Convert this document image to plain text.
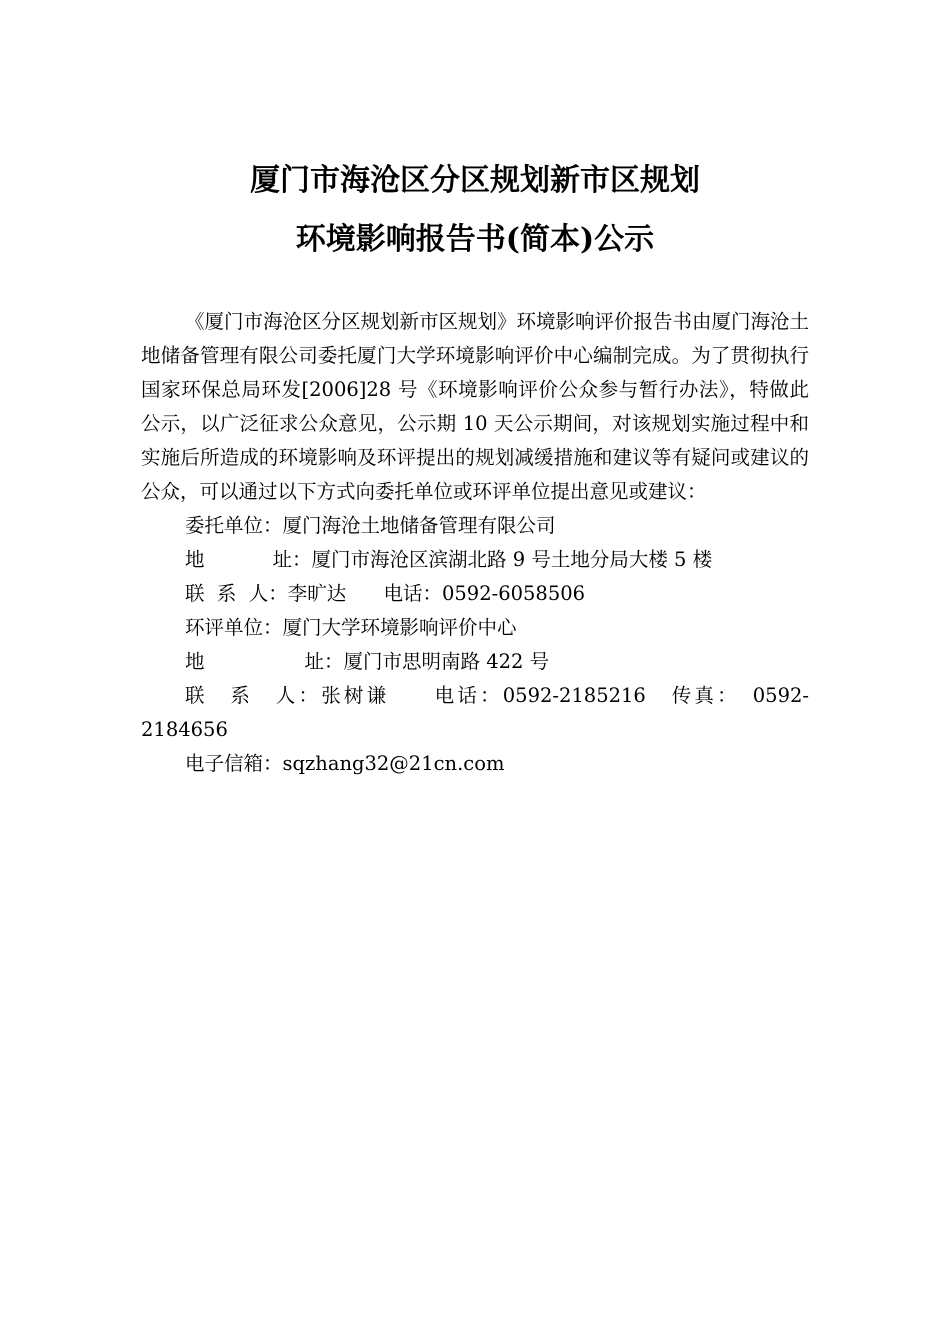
厦门市海沧区分区规划新市区规划
环境影响报告书(简本)公示

《厦门市海沧区分区规划新市区规划》环境影响评价报告书由厦门海沧土地储备管理有限公司委托厦门大学环境影响评价中心编制完成。为了贯彻执行国家环保总局环发[2006]28 号《环境影响评价公众参与暂行办法》，特做此公示，以广泛征求公众意见，公示期 10 天公示期间，对该规划实施过程中和实施后所造成的环境影响及环评提出的规划减缓措施和建议等有疑问或建议的公众，可以通过以下方式向委托单位或环评单位提出意见或建议：

委托单位：厦门海沧土地储备管理有限公司

地	址：厦门市海沧区滨湖北路 9 号土地分局大楼 5 楼

联  系  人：李旷达      电话：0592-6058506

环评单位：厦门大学环境影响评价中心

地	址：厦门市思明南路 422 号

联　系　人：张树谦　　电话：0592-2185216　传真：　0592-

2184656

电子信箱：sqzhang32@21cn.com
